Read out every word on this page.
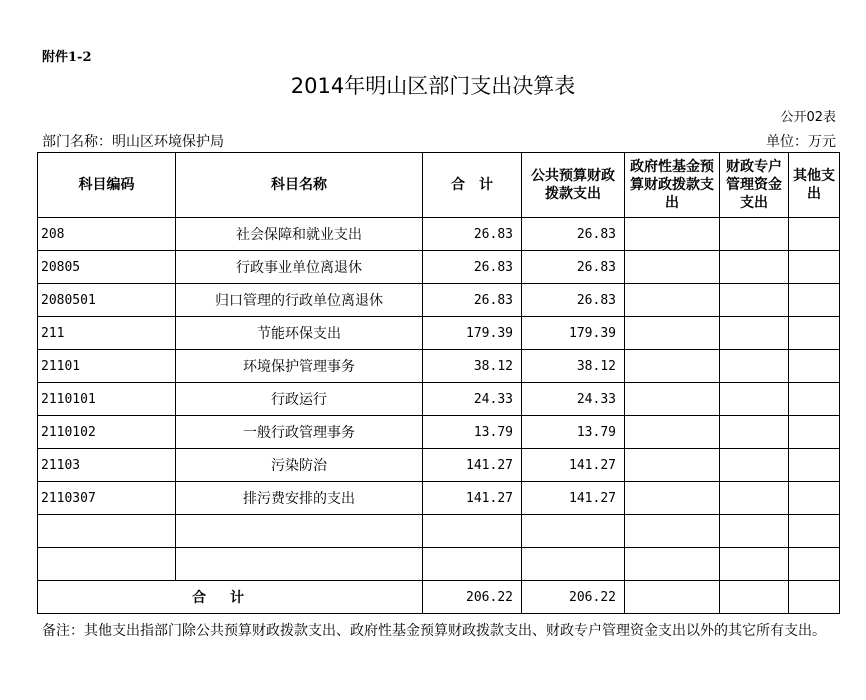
附件1-2
2014年明山区部门支出决算表
公开02表
部门名称：明山区环境保护局	单位：万元
科目编码	科目名称	合　计	公共预算财政拨款支出	政府性基金预算财政拨款支出	财政专户管理资金支出	其他支出
208	社会保障和就业支出	26.83	26.83			
20805	行政事业单位离退休	26.83	26.83			
2080501	归口管理的行政单位离退休	26.83	26.83			
211	节能环保支出	179.39	179.39			
21101	环境保护管理事务	38.12	38.12			
2110101	行政运行	24.33	24.33			
2110102	一般行政管理事务	13.79	13.79			
21103	污染防治	141.27	141.27			
2110307	排污费安排的支出	141.27	141.27			

合计		206.22	206.22			
备注：其他支出指部门除公共预算财政拨款支出、政府性基金预算财政拨款支出、财政专户管理资金支出以外的其它所有支出。
